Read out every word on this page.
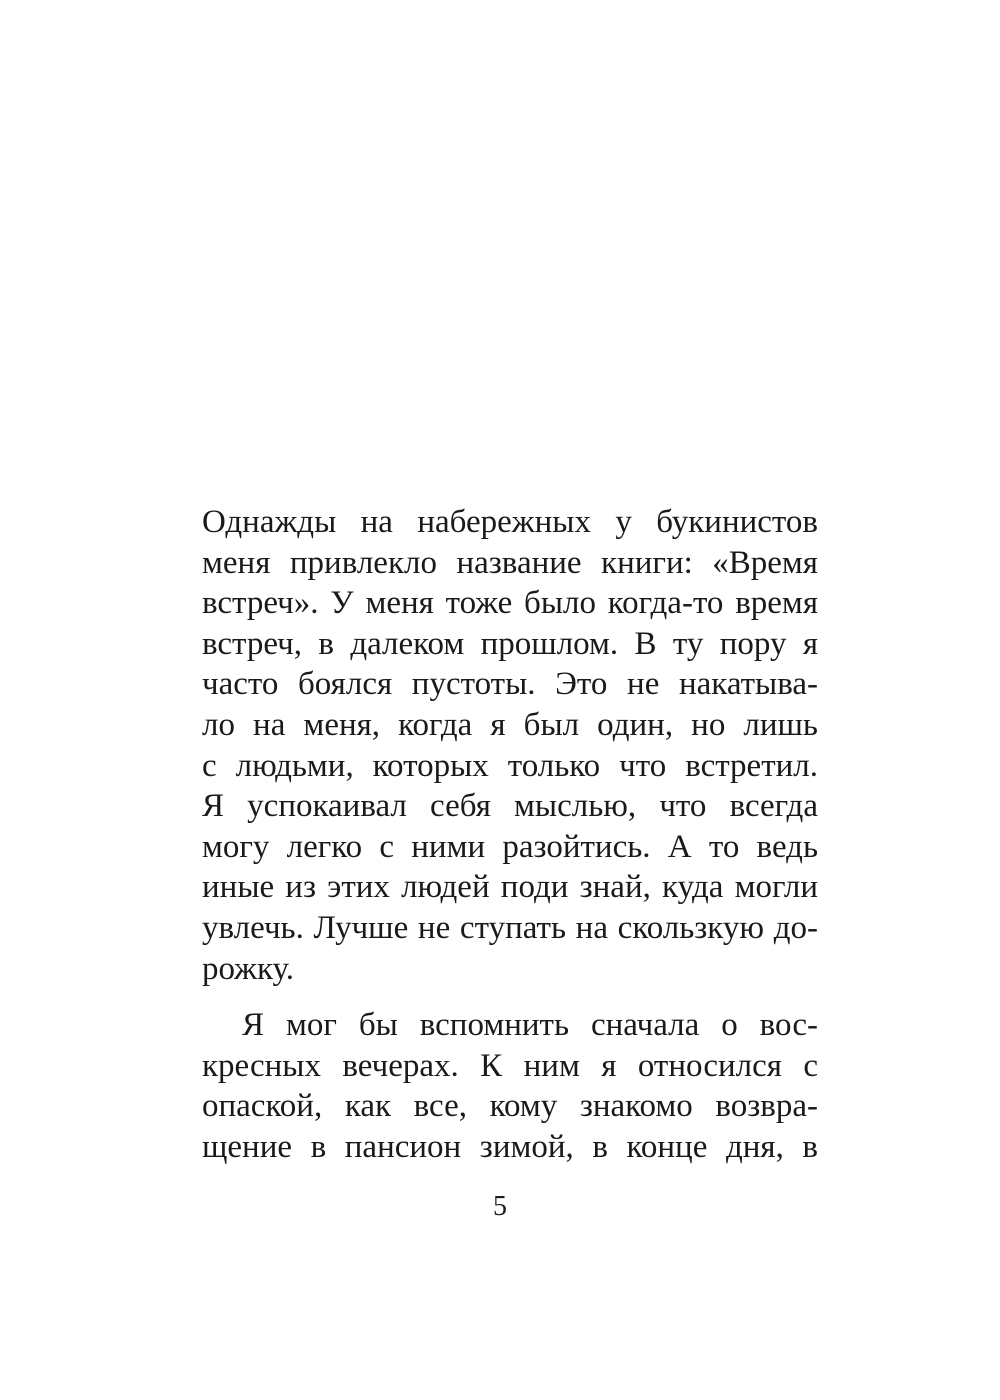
Однажды на набережных у букинистов
меня привлекло название книги: «Время
встреч». У меня тоже было когда-то время
встреч, в далеком прошлом. В ту пору я
часто боялся пустоты. Это не накатыва-
ло на меня, когда я был один, но лишь
с людьми, которых только что встретил.
Я успокаивал себя мыслью, что всегда
могу легко с ними разойтись. А то ведь
иные из этих людей поди знай, куда могли
увлечь. Лучше не ступать на скользкую до-
рожку.
Я мог бы вспомнить сначала о вос-
кресных вечерах. К ним я относился с
опаской, как все, кому знакомо возвра-
щение в пансион зимой, в конце дня, в
5
